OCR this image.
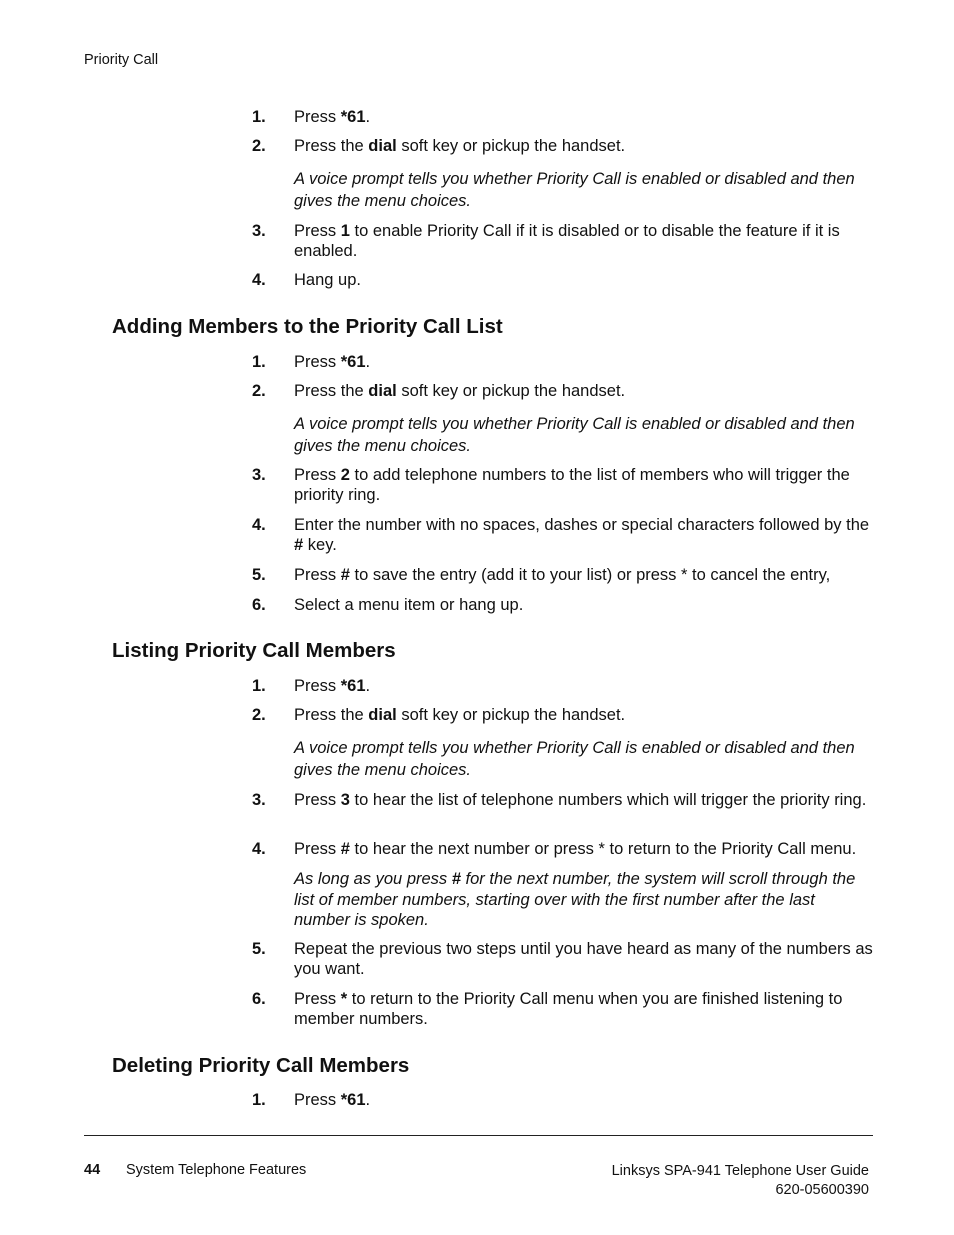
Priority Call
1.	Press *61.
2.	Press the dial soft key or pickup the handset.
A voice prompt tells you whether Priority Call is enabled or disabled and then gives the menu choices.
3.	Press 1 to enable Priority Call if it is disabled or to disable the feature if it is enabled.
4.	Hang up.
Adding Members to the Priority Call List
1.	Press *61.
2.	Press the dial soft key or pickup the handset.
A voice prompt tells you whether Priority Call is enabled or disabled and then gives the menu choices.
3.	Press 2 to add telephone numbers to the list of members who will trigger the priority ring.
4.	Enter the number with no spaces, dashes or special characters followed by the # key.
5.	Press # to save the entry (add it to your list) or press * to cancel the entry,
6.	Select a menu item or hang up.
Listing Priority Call Members
1.	Press *61.
2.	Press the dial soft key or pickup the handset.
A voice prompt tells you whether Priority Call is enabled or disabled and then gives the menu choices.
3.	Press 3 to hear the list of telephone numbers which will trigger the priority ring.
4.	Press # to hear the next number or press * to return to the Priority Call menu.
As long as you press # for the next number, the system will scroll through the list of member numbers, starting over with the first number after the last number is spoken.
5.	Repeat the previous two steps until you have heard as many of the numbers as you want.
6.	Press * to return to the Priority Call menu when you are finished listening to member numbers.
Deleting Priority Call Members
1.	Press *61.
44 System Telephone Features	Linksys SPA-941 Telephone User Guide
620-05600390
